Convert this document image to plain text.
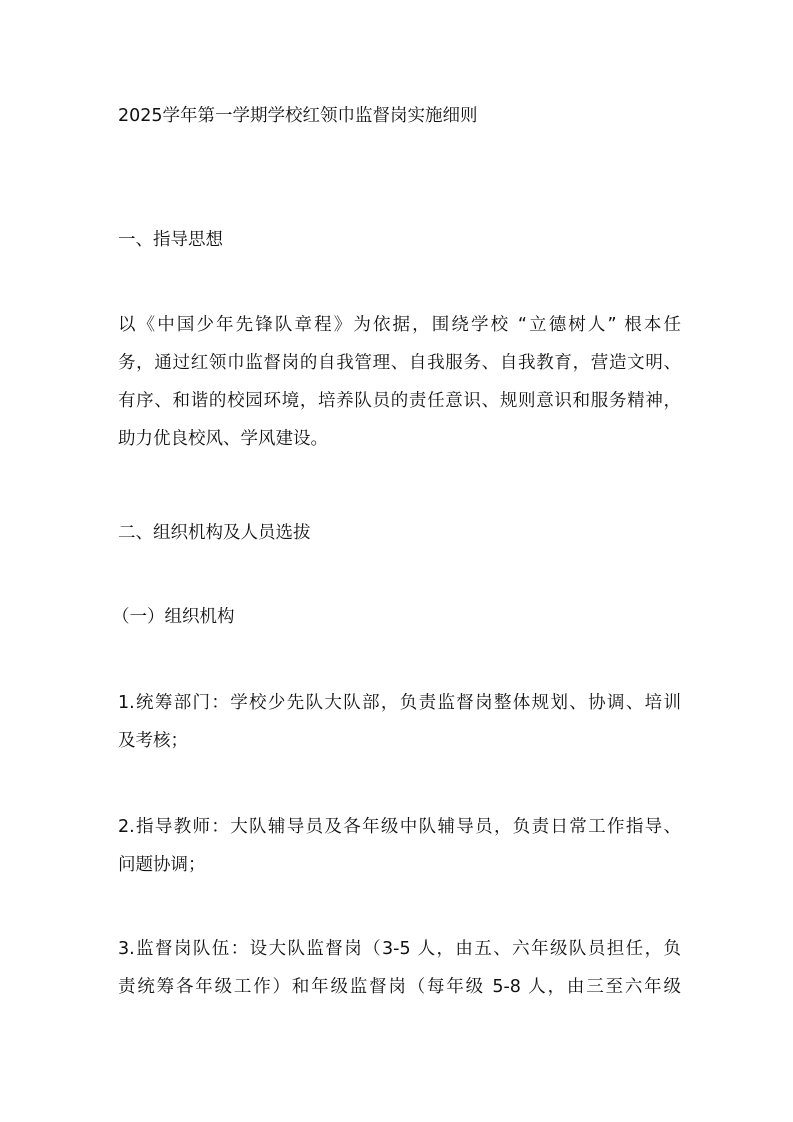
2025学年第一学期学校红领巾监督岗实施细则
一、指导思想
以《中国少年先锋队章程》为依据，围绕学校 “立德树人” 根本任
务，通过红领巾监督岗的自我管理、自我服务、自我教育，营造文明、
有序、和谐的校园环境，培养队员的责任意识、规则意识和服务精神，
助力优良校风、学风建设。
二、组织机构及人员选拔
（一）组织机构
1.统筹部门：学校少先队大队部，负责监督岗整体规划、协调、培训
及考核；
2.指导教师：大队辅导员及各年级中队辅导员，负责日常工作指导、
问题协调；
3.监督岗队伍：设大队监督岗（3-5 人，由五、六年级队员担任，负
责统筹各年级工作）和年级监督岗（每年级 5-8 人，由三至六年级
